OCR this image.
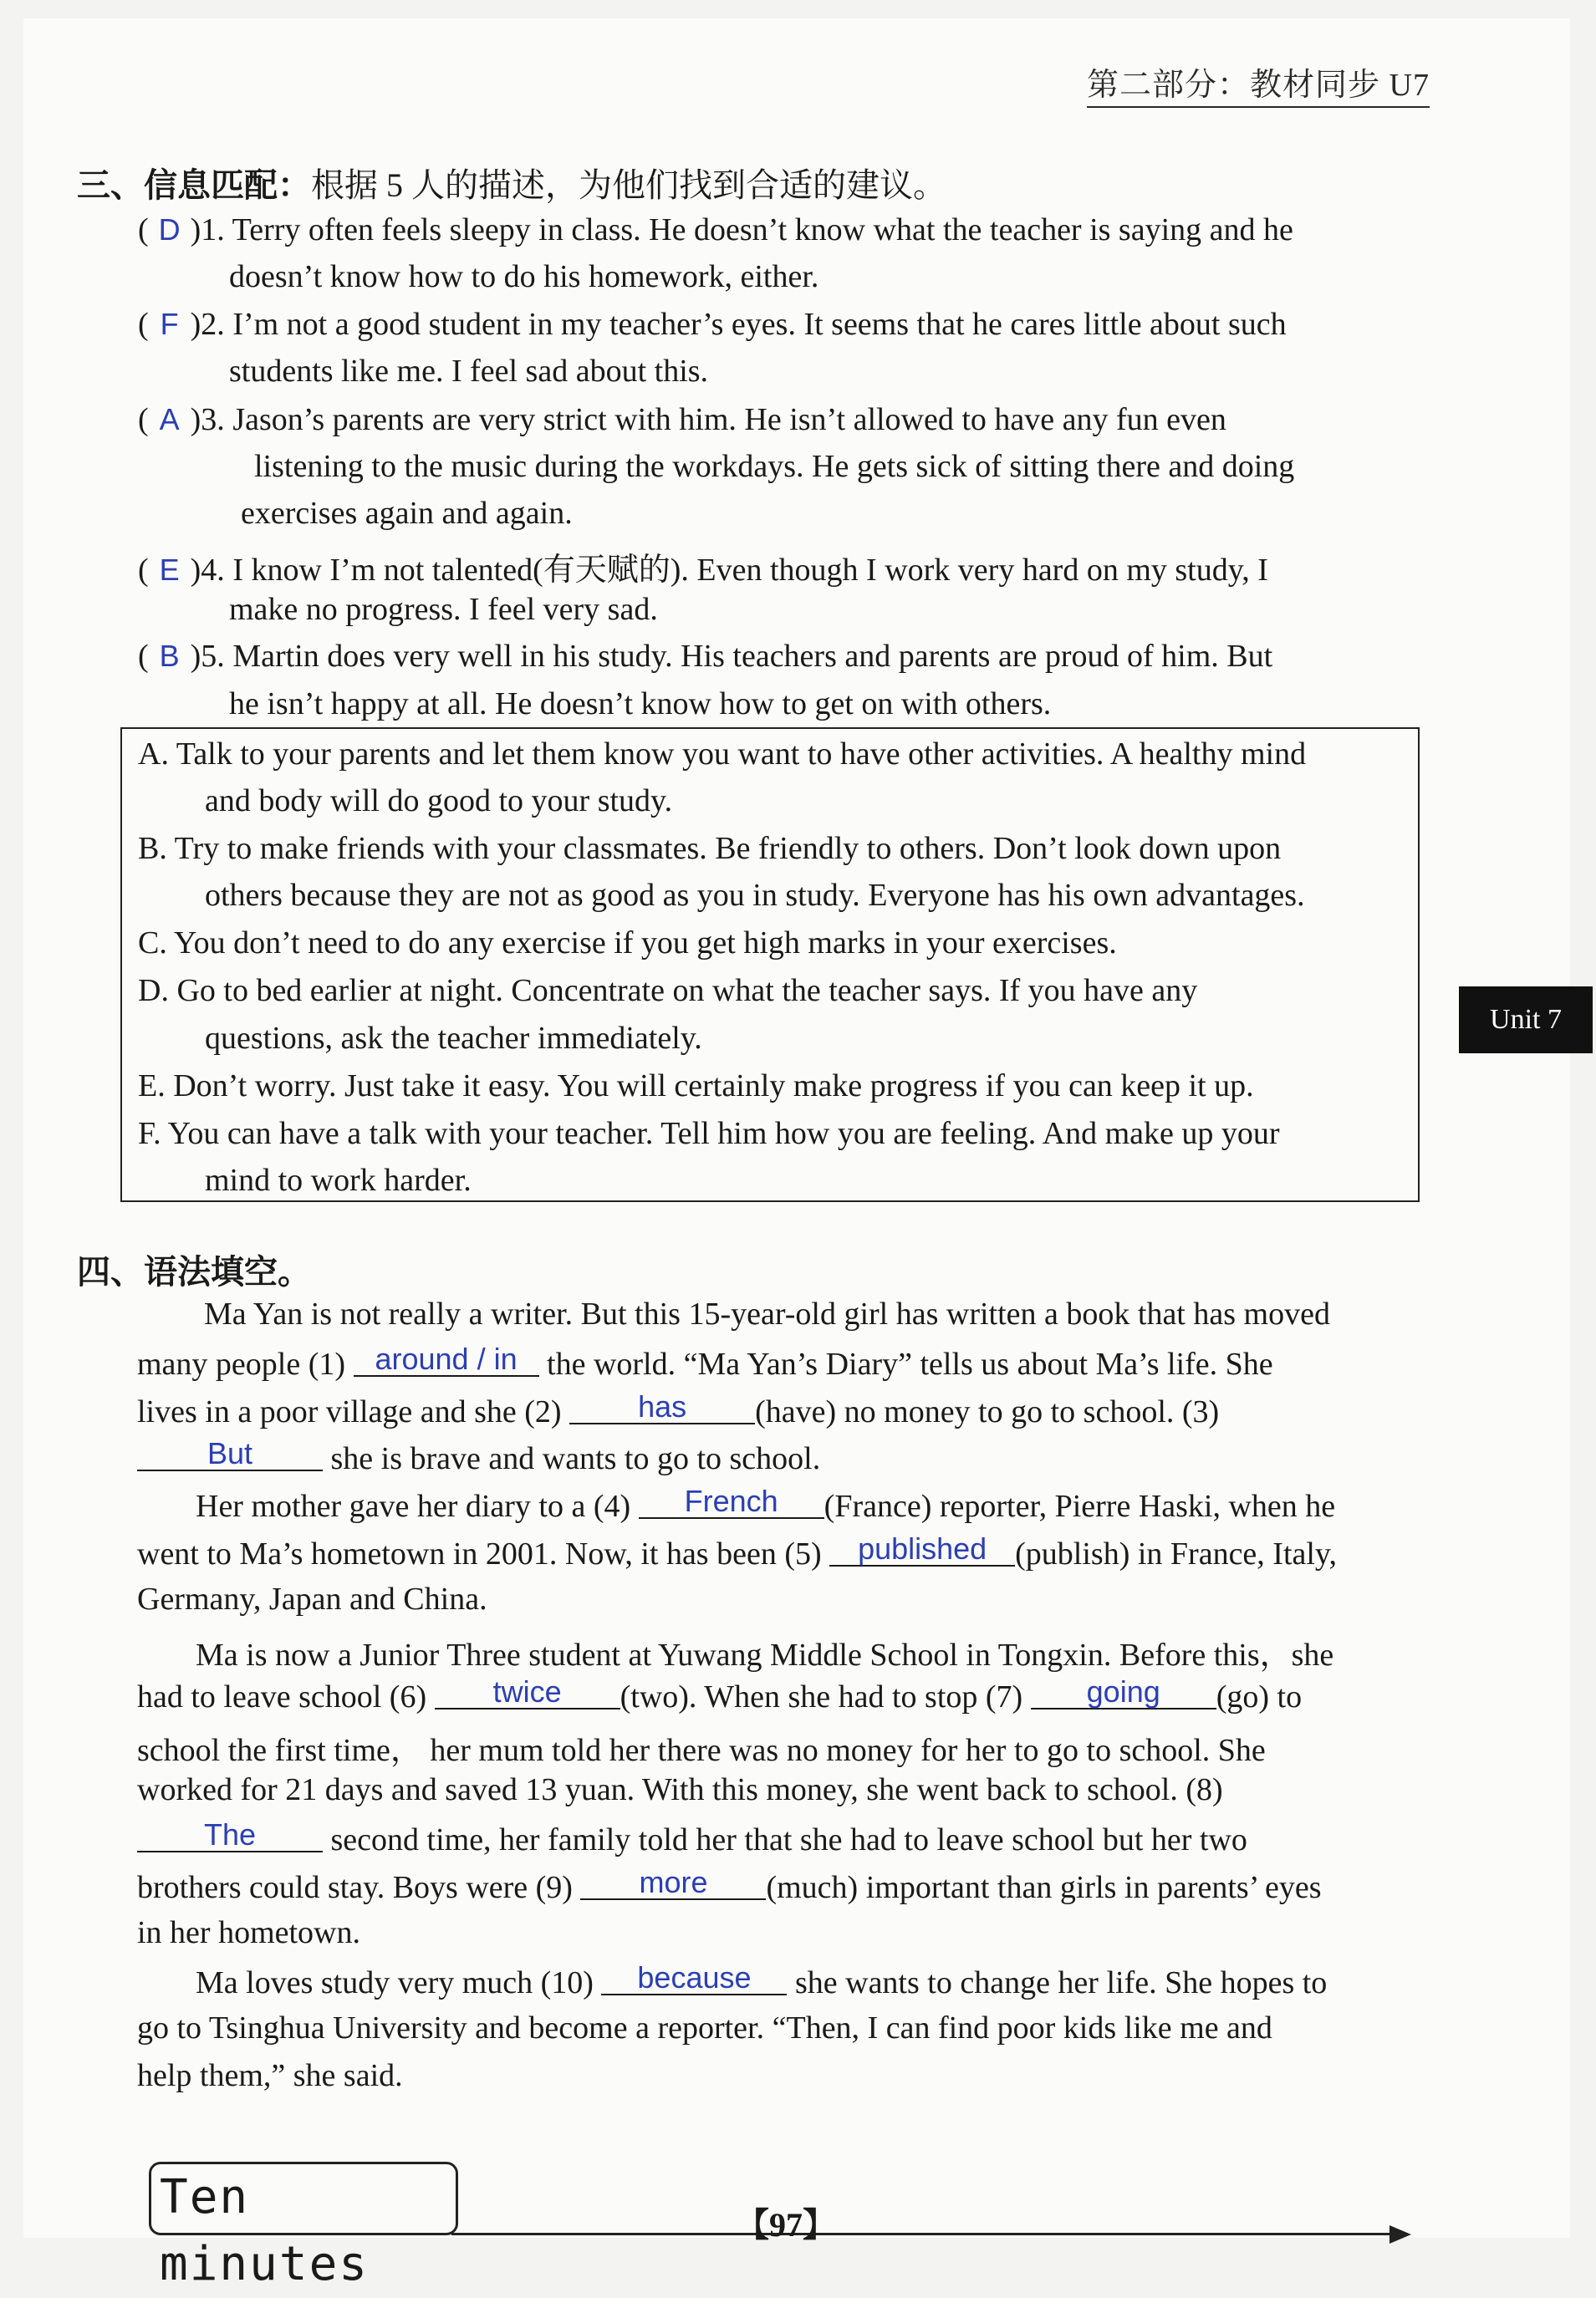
第二部分：教材同步 U7
Unit 7
三、信息匹配：根据 5 人的描述，为他们找到合适的建议。
( D )1. Terry often feels sleepy in class. He doesn’t know what the teacher is saying and he
doesn’t know how to do his homework, either.
( F )2. I’m not a good student in my teacher’s eyes. It seems that he cares little about such
students like me. I feel sad about this.
( A )3. Jason’s parents are very strict with him. He isn’t allowed to have any fun even
listening to the music during the workdays. He gets sick of sitting there and doing
exercises again and again.
( E )4. I know I’m not talented(有天赋的). Even though I work very hard on my study, I
make no progress. I feel very sad.
( B )5. Martin does very well in his study. His teachers and parents are proud of him. But
he isn’t happy at all. He doesn’t know how to get on with others.
A. Talk to your parents and let them know you want to have other activities. A healthy mind
and body will do good to your study.
B. Try to make friends with your classmates. Be friendly to others. Don’t look down upon
others because they are not as good as you in study. Everyone has his own advantages.
C. You don’t need to do any exercise if you get high marks in your exercises.
D. Go to bed earlier at night. Concentrate on what the teacher says. If you have any
questions, ask the teacher immediately.
E. Don’t worry. Just take it easy. You will certainly make progress if you can keep it up.
F. You can have a talk with your teacher. Tell him how you are feeling. And make up your
mind to work harder.
四、语法填空。
Ma Yan is not really a writer. But this 15-year-old girl has written a book that has moved
many people (1) around / in the world. “Ma Yan’s Diary” tells us about Ma’s life. She
lives in a poor village and she (2)	has (have) no money to go to school. (3)
But she is brave and wants to go to school.
Her mother gave her diary to a (4) French (France) reporter, Pierre Haski, when he
went to Ma’s hometown in 2001. Now, it has been (5) published (publish) in France, Italy,
Germany, Japan and China.
Ma is now a Junior Three student at Yuwang Middle School in Tongxin. Before this，she
had to leave school (6) twice (two). When she had to stop (7) going (go) to
school the first time， her mum told her there was no money for her to go to school. She
worked for 21 days and saved 13 yuan. With this money, she went back to school. (8)
The second time, her family told her that she had to leave school but her two
brothers could stay. Boys were (9) more (much) important than girls in parents’ eyes
in her hometown.
Ma loves study very much (10) because she wants to change her life. She hopes to
go to Tsinghua University and become a reporter. “Then, I can find poor kids like me and
help them,” she said.
Ten minutes
【97】
